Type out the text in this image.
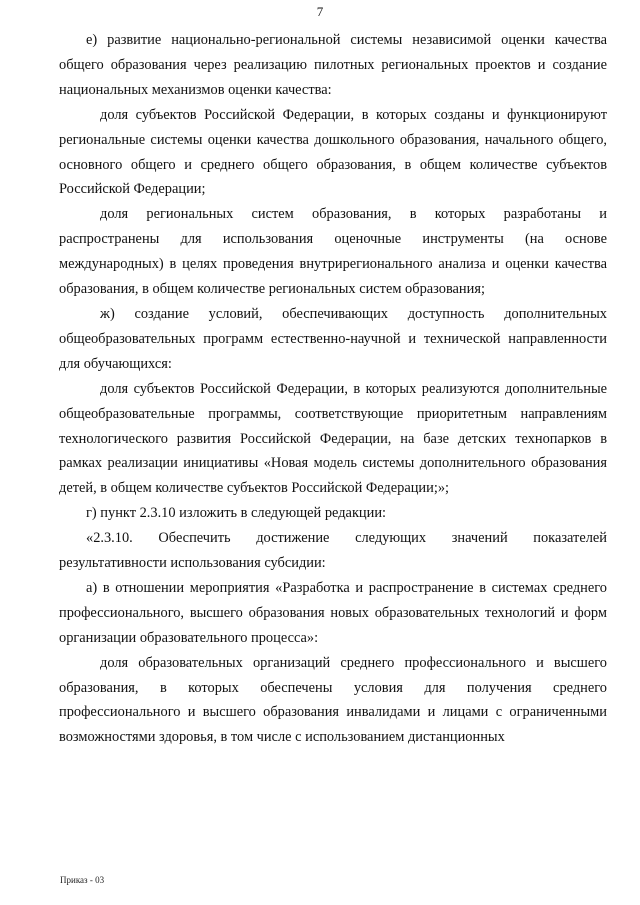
7

е) развитие национально-региональной системы независимой оценки качества общего образования через реализацию пилотных региональных проектов и создание национальных механизмов оценки качества:

доля субъектов Российской Федерации, в которых созданы и функционируют региональные системы оценки качества дошкольного образования, начального общего, основного общего и среднего общего образования, в общем количестве субъектов Российской Федерации;

доля региональных систем образования, в которых разработаны и распространены для использования оценочные инструменты (на основе международных) в целях проведения внутрирегионального анализа и оценки качества образования, в общем количестве региональных систем образования;

ж) создание условий, обеспечивающих доступность дополнительных общеобразовательных программ естественно-научной и технической направленности для обучающихся:

доля субъектов Российской Федерации, в которых реализуются дополнительные общеобразовательные программы, соответствующие приоритетным направлениям технологического развития Российской Федерации, на базе детских технопарков в рамках реализации инициативы «Новая модель системы дополнительного образования детей, в общем количестве субъектов Российской Федерации;»;

г) пункт 2.3.10 изложить в следующей редакции:

«2.3.10. Обеспечить достижение следующих значений показателей результативности использования субсидии:

а) в отношении мероприятия «Разработка и распространение в системах среднего профессионального, высшего образования новых образовательных технологий и форм организации образовательного процесса»:

доля образовательных организаций среднего профессионального и высшего образования, в которых обеспечены условия для получения среднего профессионального и высшего образования инвалидами и лицами с ограниченными возможностями здоровья, в том числе с использованием дистанционных

Приказ - 03
